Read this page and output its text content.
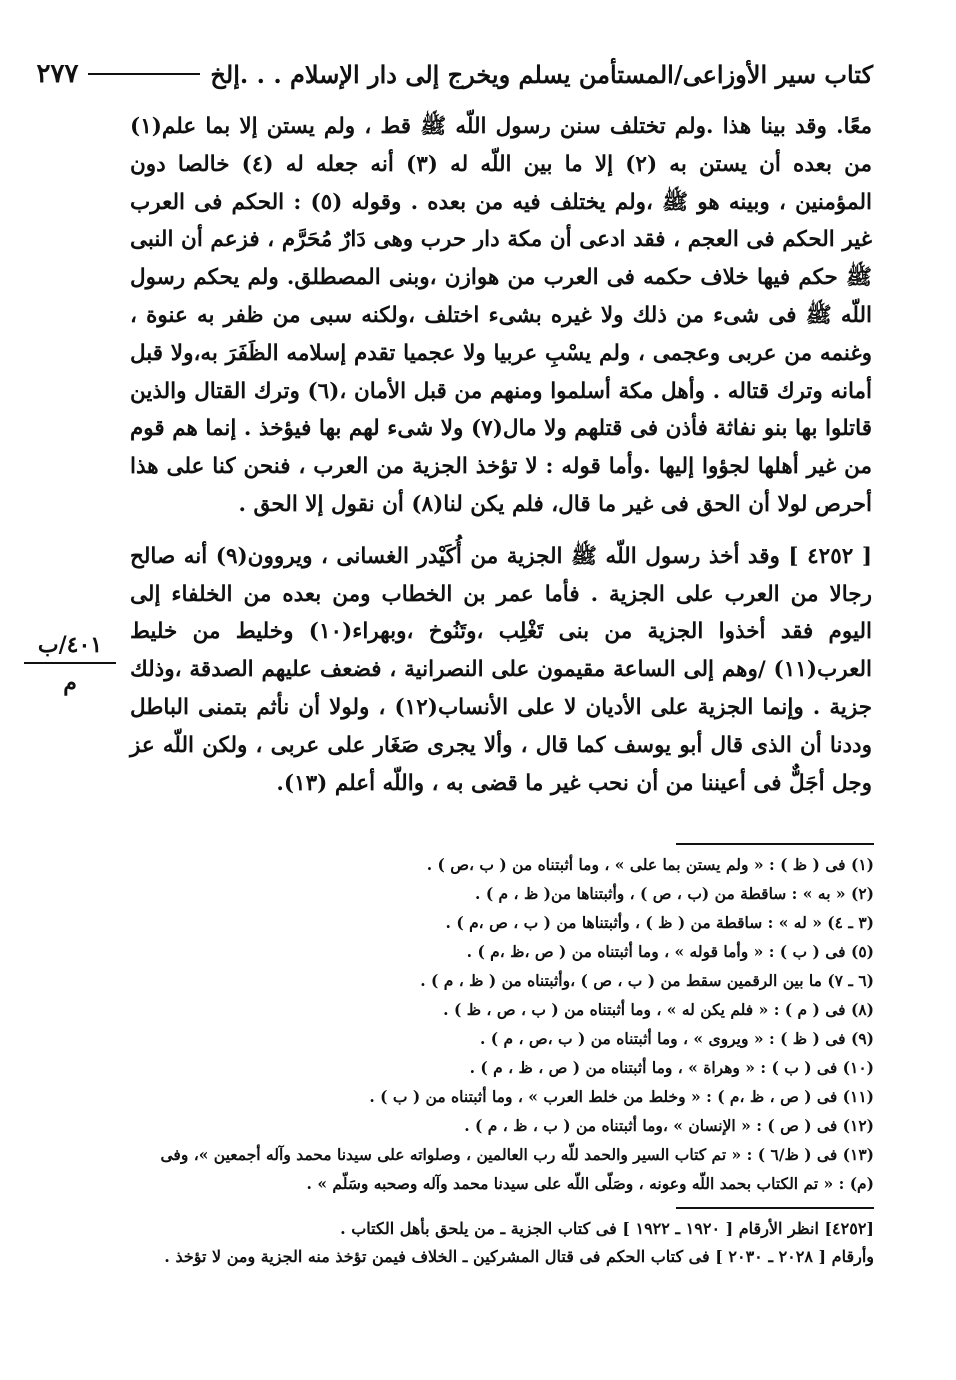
كتاب سير الأوزاعى/المستأمن يسلم ويخرج إلى دار الإسلام . . .إلخ
٢٧٧

معًا. وقد بينا هذا .ولم تختلف سنن رسول اللّه ﷺ قط ، ولم يستن إلا بما علم(١) من بعده أن يستن به (٢) إلا ما بين اللّه له (٣) أنه جعله له (٤) خالصا دون المؤمنين ، وبينه هو ﷺ ،ولم يختلف فيه من بعده . وقوله (٥) : الحكم فى العرب غير الحكم فى العجم ، فقد ادعى أن مكة دار حرب وهى دَارٌ مُحَرَّم ، فزعم أن النبى ﷺ حكم فيها خلاف حكمه فى العرب من هوازن ،وبنى المصطلق. ولم يحكم رسول اللّه ﷺ فى شىء من ذلك ولا غيره بشىء اختلف ،ولكنه سبى من ظفر به عنوة ، وغنمه من عربى وعجمى ، ولم يسْبِ عربيا ولا عجميا تقدم إسلامه الظَفَرَ به،ولا قبل أمانه وترك قتاله . وأهل مكة أسلموا ومنهم من قبل الأمان ،(٦) وترك القتال والذين قاتلوا بها بنو نفاثة فأذن فى قتلهم ولا مال(٧) ولا شىء لهم بها فيؤخذ . إنما هم قوم من غير أهلها لجؤوا إليها .وأما قوله : لا تؤخذ الجزية من العرب ، فنحن كنا على هذا أحرص لولا أن الحق فى غير ما قال، فلم يكن لنا(٨) أن نقول إلا الحق .

[ ٤٢٥٢ ] وقد أخذ رسول اللّه ﷺ الجزية من أُكَيْدر الغسانى ، ويروون(٩) أنه صالح رجالا من العرب على الجزية . فأما عمر بن الخطاب ومن بعده من الخلفاء إلى اليوم فقد أخذوا الجزية من بنى تَغْلِب ،وتَنُوخ ،وبهراء(١٠) وخليط من خليط العرب(١١) /وهم إلى الساعة مقيمون على النصرانية ، فضعف عليهم الصدقة ،وذلك جزية . وإنما الجزية على الأديان لا على الأنساب(١٢) ، ولولا أن نأثم بتمنى الباطل وددنا أن الذى قال أبو يوسف كما قال ، وألا يجرى صَغَار على عربى ، ولكن اللّه عز وجل أجَلٌّ فى أعيننا من أن نحب غير ما قضى به ، واللّه أعلم (١٣).

٤٠١/ب
م
(١) فى ( ظ ) : « ولم يستن بما على » ، وما أثبتناه من ( ب ،ص ) .
(٢) « به » : ساقطة من (ب ، ص ) ، وأثبتناها من( ظ ، م ) .
(٣ ـ ٤) « له » : ساقطة من ( ظ ) ، وأثبتناها من ( ب ، ص ،م ) .
(٥) فى ( ب ) : « وأما قوله » ، وما أثبتناه من ( ص ،ظ ،م ) .
(٦ ـ ٧) ما بين الرقمين سقط من ( ب ، ص ) ،وأثبتناه من ( ظ ، م ) .
(٨) فى ( م ) : « فلم يكن له » ، وما أثبتناه من ( ب ، ص ، ظ ) .
(٩) فى ( ظ ) : « ويروى » ، وما أثبتناه من ( ب ،ص ، م ) .
(١٠) فى ( ب ) : « وهراة » ، وما أثبتناه من ( ص ، ظ ، م ) .
(١١) فى ( ص ، ظ ،م ) : « وخلط من خلط العرب » ، وما أثبتناه من ( ب ) .
(١٢) فى ( ص ) : « الإنسان » ،وما أثبتناه من ( ب ، ظ ، م ) .
(١٣) فى ( ظ/٦ ) : « تم كتاب السير والحمد للّه رب العالمين ، وصلواته على سيدنا محمد وآله أجمعين »، وفى (م) : « تم الكتاب بحمد اللّه وعونه ، وصَلّى اللّه على سيدنا محمد وآله وصحبه وسَلّم » .
[٤٢٥٢] انظر الأرقام [ ١٩٢٠ ـ ١٩٢٢ ] فى كتاب الجزية ـ من يلحق بأهل الكتاب .
وأرقام [ ٢٠٢٨ ـ ٢٠٣٠ ] فى كتاب الحكم فى قتال المشركين ـ الخلاف فيمن تؤخذ منه الجزية ومن لا تؤخذ .
